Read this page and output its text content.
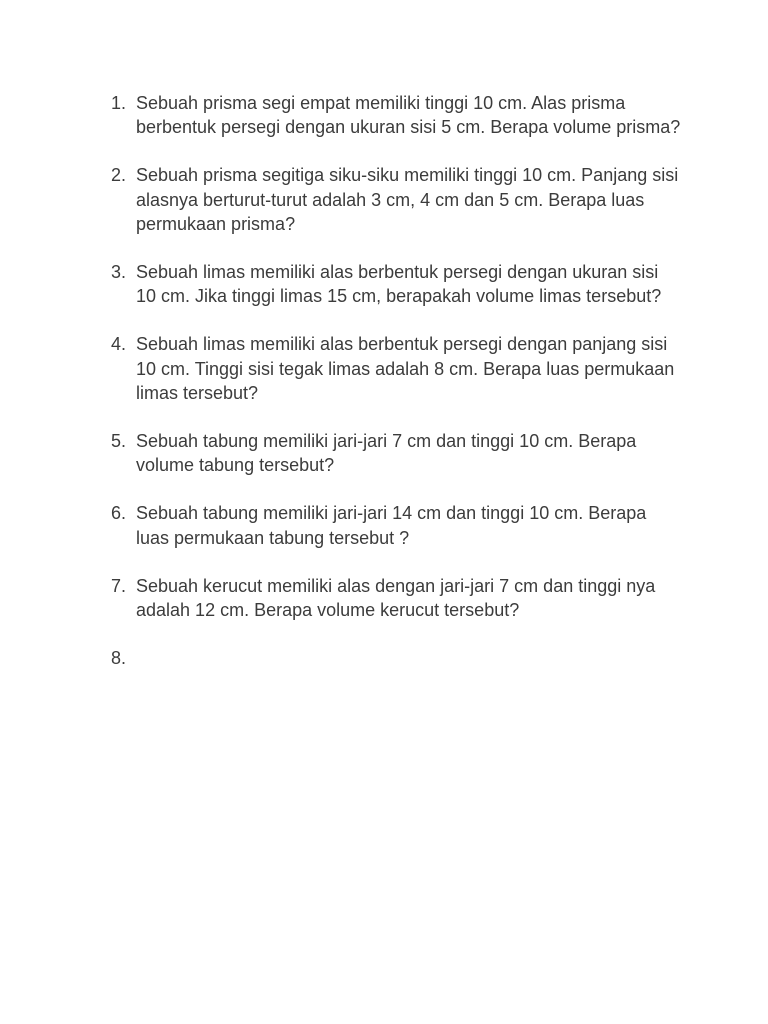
1. Sebuah prisma segi empat memiliki tinggi 10 cm. Alas prisma berbentuk persegi dengan ukuran sisi 5 cm. Berapa volume prisma?
2. Sebuah prisma segitiga siku-siku memiliki tinggi 10 cm. Panjang sisi alasnya berturut-turut adalah 3 cm, 4 cm dan 5 cm. Berapa luas permukaan prisma?
3. Sebuah limas memiliki alas berbentuk persegi dengan ukuran sisi 10 cm. Jika tinggi limas 15 cm, berapakah volume limas tersebut?
4. Sebuah limas memiliki alas berbentuk persegi dengan panjang sisi 10 cm. Tinggi sisi tegak limas adalah 8 cm. Berapa luas permukaan limas tersebut?
5. Sebuah tabung memiliki jari-jari 7 cm dan tinggi 10 cm. Berapa volume tabung tersebut?
6. Sebuah tabung memiliki jari-jari 14 cm dan tinggi 10 cm. Berapa luas permukaan tabung tersebut ?
7. Sebuah kerucut memiliki alas dengan jari-jari 7 cm dan tinggi nya adalah 12 cm. Berapa volume kerucut tersebut?
8.
